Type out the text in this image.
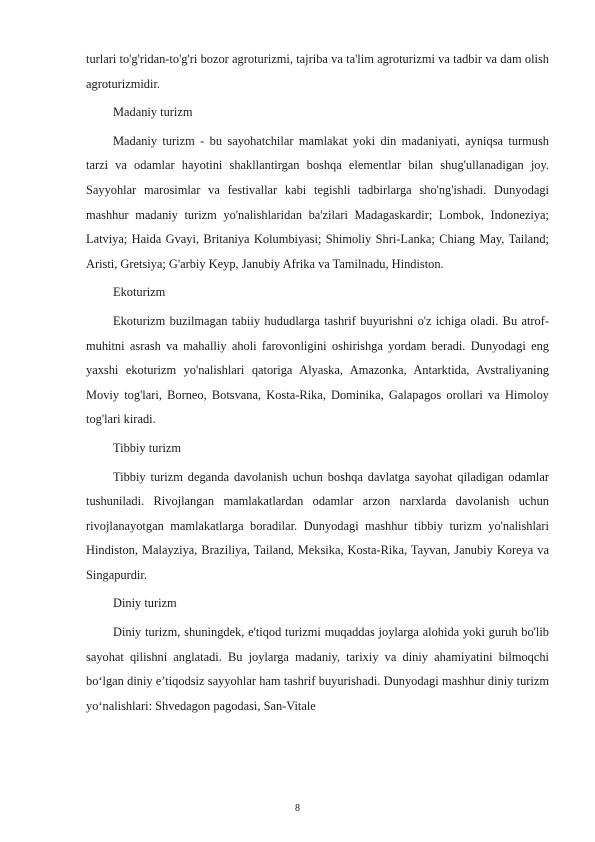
turlari to'g'ridan-to'g'ri bozor agroturizmi, tajriba va ta'lim agroturizmi va tadbir va dam olish agroturizmidir.

Madaniy turizm

Madaniy turizm - bu sayohatchilar mamlakat yoki din madaniyati, ayniqsa turmush tarzi va odamlar hayotini shakllantirgan boshqa elementlar bilan shug'ullanadigan joy. Sayyohlar marosimlar va festivallar kabi tegishli tadbirlarga sho'ng'ishadi. Dunyodagi mashhur madaniy turizm yo'nalishlaridan ba'zilari Madagaskardir; Lombok, Indoneziya; Latviya; Haida Gvayi, Britaniya Kolumbiyasi; Shimoliy Shri-Lanka; Chiang May, Tailand; Aristi, Gretsiya; G'arbiy Keyp, Janubiy Afrika va Tamilnadu, Hindiston.

Ekoturizm

Ekoturizm buzilmagan tabiiy hududlarga tashrif buyurishni o'z ichiga oladi. Bu atrof-muhitni asrash va mahalliy aholi farovonligini oshirishga yordam beradi. Dunyodagi eng yaxshi ekoturizm yo'nalishlari qatoriga Alyaska, Amazonka, Antarktida, Avstraliyaning Moviy tog'lari, Borneo, Botsvana, Kosta-Rika, Dominika, Galapagos orollari va Himoloy tog'lari kiradi.

Tibbiy turizm

Tibbiy turizm deganda davolanish uchun boshqa davlatga sayohat qiladigan odamlar tushuniladi. Rivojlangan mamlakatlardan odamlar arzon narxlarda davolanish uchun rivojlanayotgan mamlakatlarga boradilar. Dunyodagi mashhur tibbiy turizm yo'nalishlari Hindiston, Malayziya, Braziliya, Tailand, Meksika, Kosta-Rika, Tayvan, Janubiy Koreya va Singapurdir.

Diniy turizm

Diniy turizm, shuningdek, e'tiqod turizmi muqaddas joylarga alohida yoki guruh bo'lib sayohat qilishni anglatadi. Bu joylarga madaniy, tarixiy va diniy ahamiyatini bilmoqchi bo‘lgan diniy e’tiqodsiz sayyohlar ham tashrif buyurishadi. Dunyodagi mashhur diniy turizm yo‘nalishlari: Shvedagon pagodasi, San-Vitale

8
